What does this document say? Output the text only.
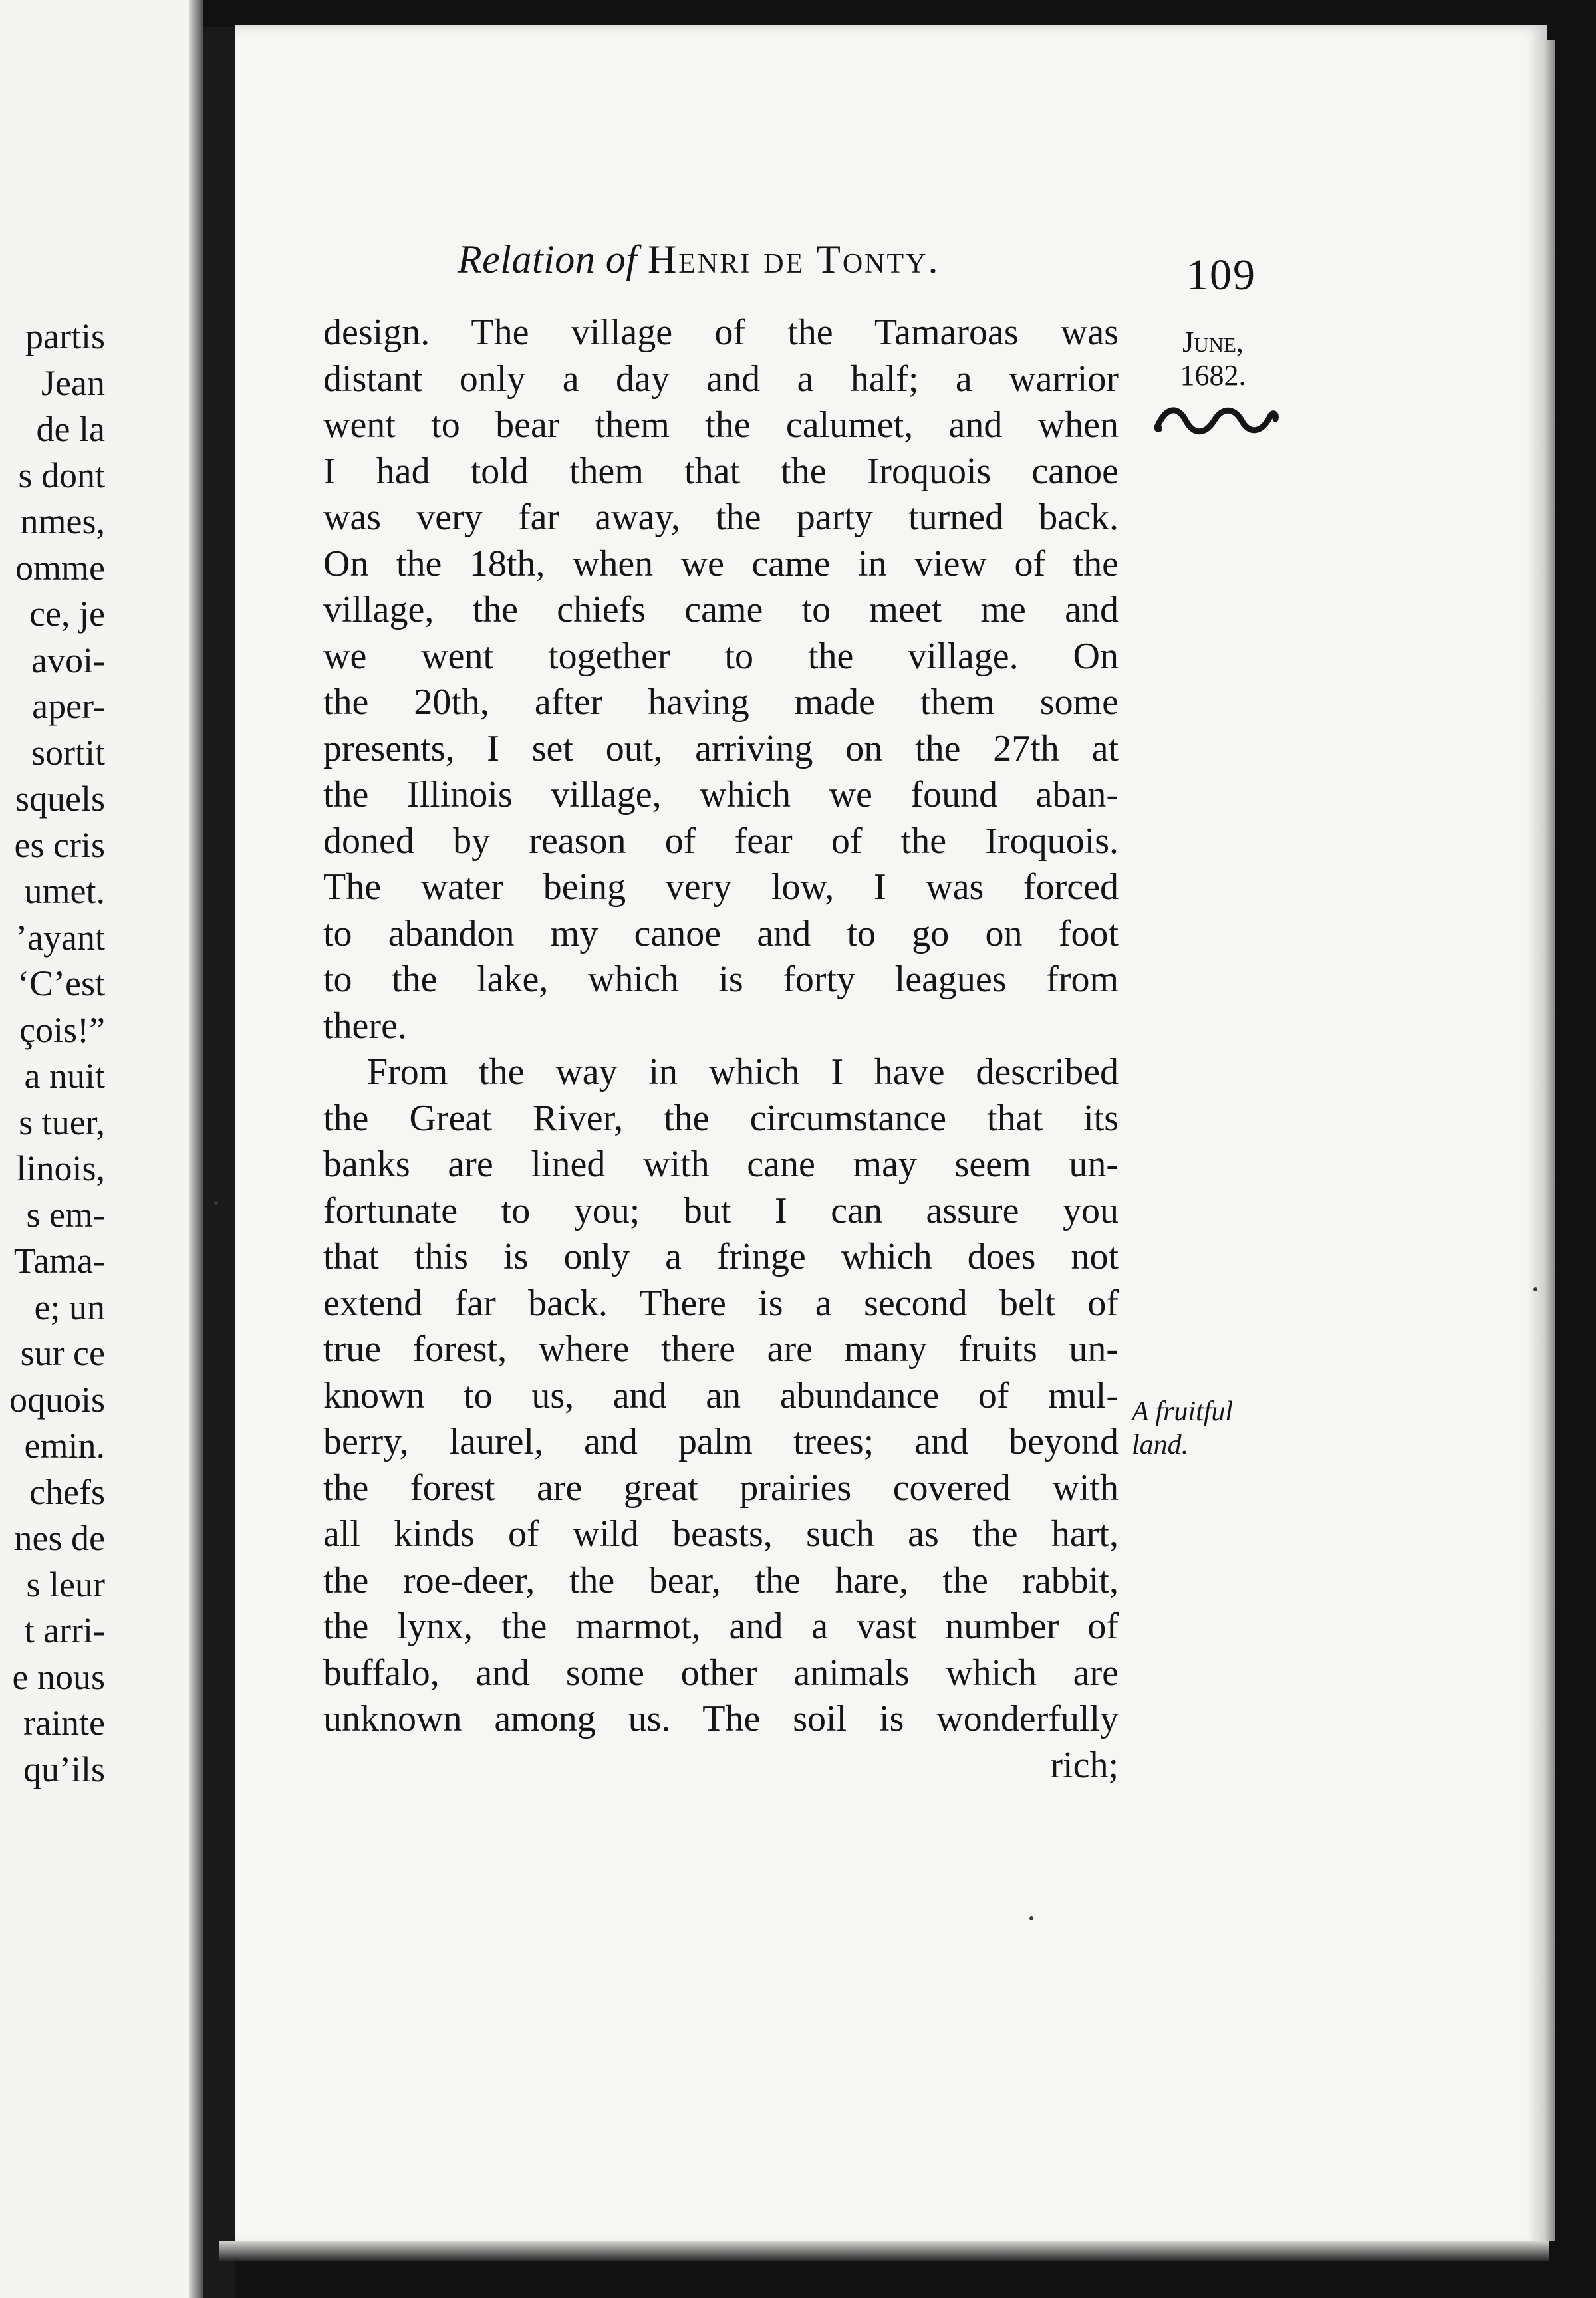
partis
Jean
de la
s dont
nmes,
omme
ce, je
avoi-
aper-
sortit
squels
es cris
umet.
’ayant
‘C’est
çois!”
a nuit
s tuer,
linois,
s em-
Tama-
e; un
sur ce
oquois
emin.
chefs
nes de
s leur
t arri-
e nous
rainte
qu’ils
Relation of Henri de Tonty.	109
June,
1682.
design. The village of the Tamaroas was
distant only a day and a half; a warrior
went to bear them the calumet, and when
I had told them that the Iroquois canoe
was very far away, the party turned back.
On the 18th, when we came in view of the
village, the chiefs came to meet me and
we went together to the village. On
the 20th, after having made them some
presents, I set out, arriving on the 27th at
the Illinois village, which we found aban-
doned by reason of fear of the Iroquois.
The water being very low, I was forced
to abandon my canoe and to go on foot
to the lake, which is forty leagues from
there.
From the way in which I have described
the Great River, the circumstance that its
banks are lined with cane may seem un-
fortunate to you; but I can assure you
that this is only a fringe which does not
extend far back. There is a second belt of
true forest, where there are many fruits un-
known to us, and an abundance of mul-
berry, laurel, and palm trees; and beyond
the forest are great prairies covered with
all kinds of wild beasts, such as the hart,
the roe-deer, the bear, the hare, the rabbit,
the lynx, the marmot, and a vast number of
buffalo, and some other animals which are
unknown among us. The soil is wonderfully
rich;
A fruitful
land.
